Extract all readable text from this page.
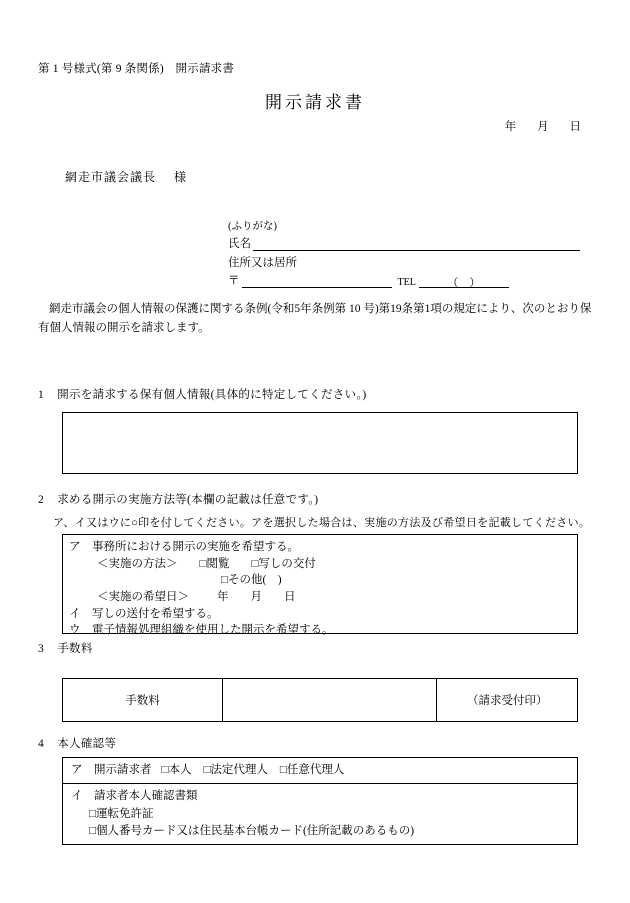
第 1 号様式(第 9 条関係)　開示請求書
開示請求書
年 月 日
網走市議会議長 様
(ふりがな)
氏名
住所又は居所
〒	TEL	（　）
網走市議会の個人情報の保護に関する条例(令和5年条例第 10 号)第19条第1項の規定により、次のとおり保有個人情報の開示を請求します。
1 開示を請求する保有個人情報(具体的に特定してください。)
2 求める開示の実施方法等(本欄の記載は任意です。)
ア、イ又はウに○印を付してください。アを選択した場合は、実施の方法及び希望日を記載してください。
ア　事務所における開示の実施を希望する。
＜実施の方法＞ □閲覧 □写しの交付
□その他(　)
＜実施の希望日＞ 年 月 日
イ　写しの送付を希望する。
ウ　電子情報処理組織を使用した開示を希望する。
3 手数料
手数料		（請求受付印）
4 本人確認等
ア　開示請求者 □本人 □法定代理人 □任意代理人
イ　請求者本人確認書類
□運転免許証
□個人番号カード又は住民基本台帳カード(住所記載のあるもの)
